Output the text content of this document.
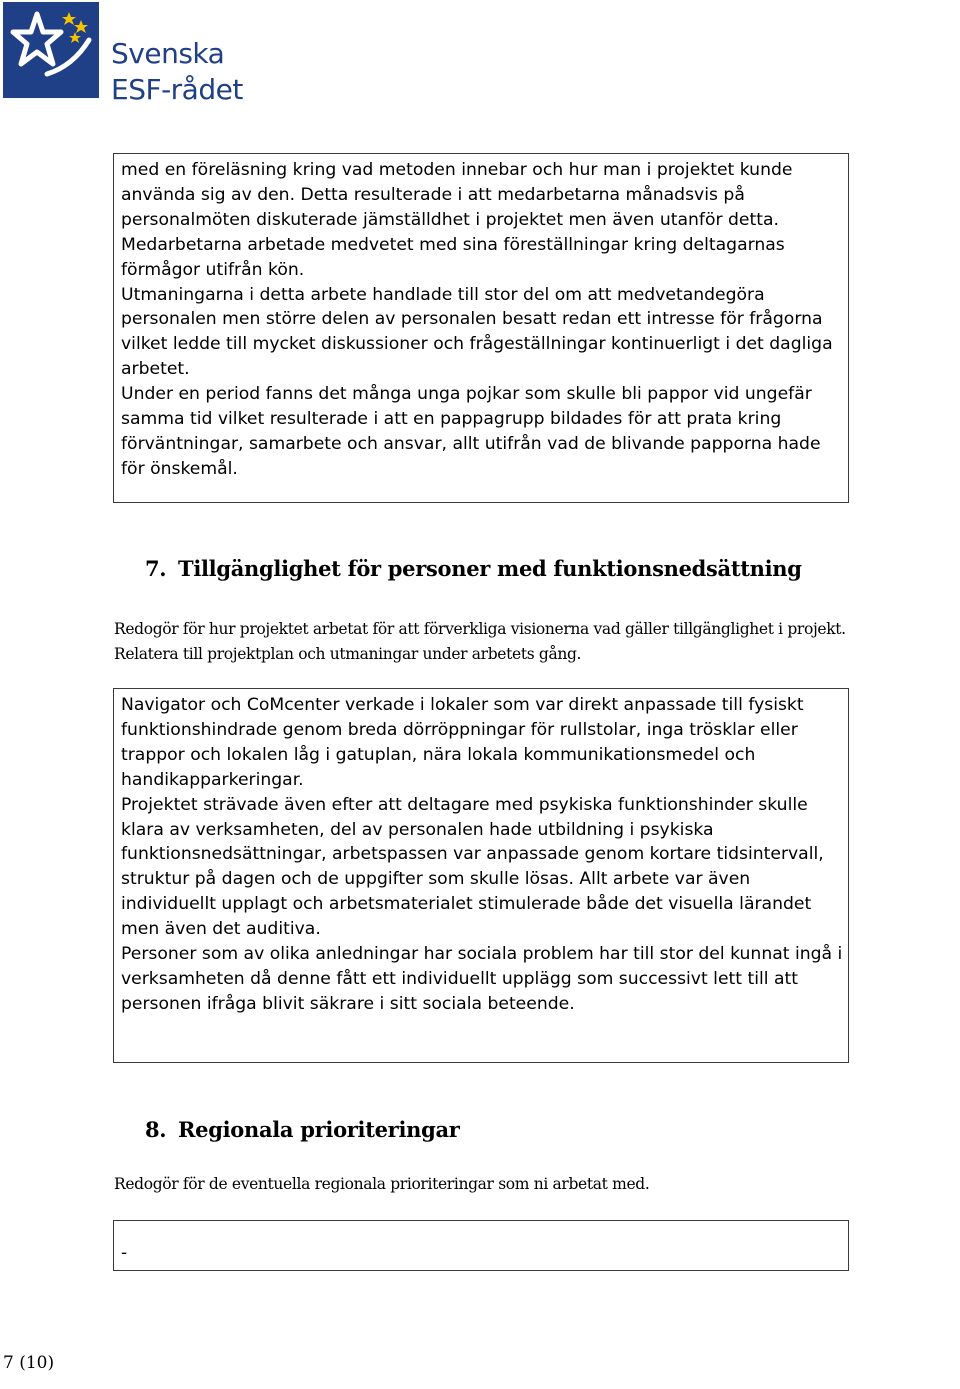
Svenska
ESF-rådet

med en föreläsning kring vad metoden innebar och hur man i projektet kunde använda sig av den. Detta resulterade i att medarbetarna månadsvis på personalmöten diskuterade jämställdhet i projektet men även utanför detta. Medarbetarna arbetade medvetet med sina föreställningar kring deltagarnas förmågor utifrån kön.

Utmaningarna i detta arbete handlade till stor del om att medvetandegöra personalen men större delen av personalen besatt redan ett intresse för frågorna vilket ledde till mycket diskussioner och frågeställningar kontinuerligt i det dagliga arbetet.

Under en period fanns det många unga pojkar som skulle bli pappor vid ungefär samma tid vilket resulterade i att en pappagrupp bildades för att prata kring förväntningar, samarbete och ansvar, allt utifrån vad de blivande papporna hade för önskemål.

7. Tillgänglighet för personer med funktionsnedsättning

Redogör för hur projektet arbetat för att förverkliga visionerna vad gäller tillgänglighet i projekt.

Relatera till projektplan och utmaningar under arbetets gång.

Navigator och CoMcenter verkade i lokaler som var direkt anpassade till fysiskt funktionshindrade genom breda dörröppningar för rullstolar, inga trösklar eller trappor och lokalen låg i gatuplan, nära lokala kommunikationsmedel och handikapparkeringar.

Projektet strävade även efter att deltagare med psykiska funktionshinder skulle klara av verksamheten, del av personalen hade utbildning i psykiska funktionsnedsättningar, arbetspassen var anpassade genom kortare tidsintervall, struktur på dagen och de uppgifter som skulle lösas. Allt arbete var även individuellt upplagt och arbetsmaterialet stimulerade både det visuella lärandet men även det auditiva.

Personer som av olika anledningar har sociala problem har till stor del kunnat ingå i verksamheten då denne fått ett individuellt upplägg som successivt lett till att personen ifråga blivit säkrare i sitt sociala beteende.

8. Regionala prioriteringar

Redogör för de eventuella regionala prioriteringar som ni arbetat med.

-
7 (10)
